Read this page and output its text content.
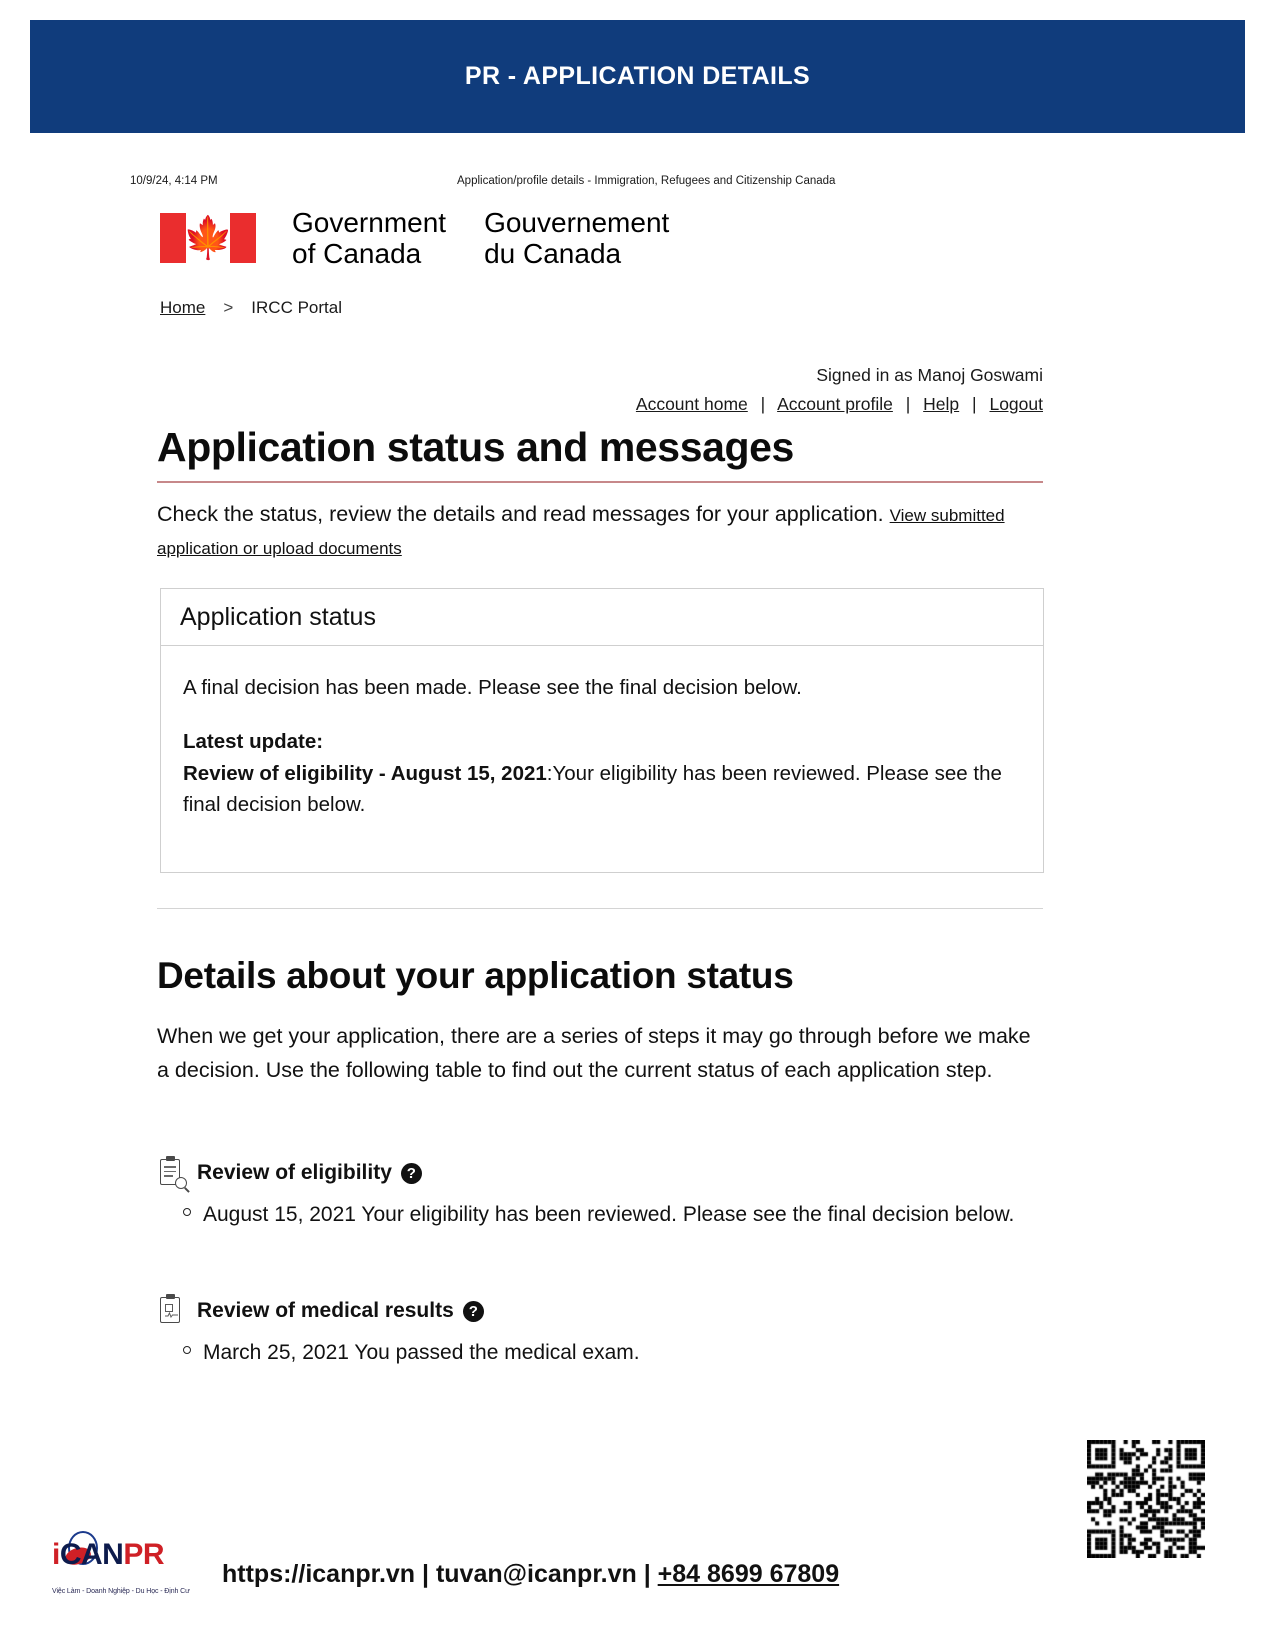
PR - APPLICATION DETAILS
10/9/24, 4:14 PM	Application/profile details - Immigration, Refugees and Citizenship Canada
🍁 Government
of Canada
Gouvernement
du Canada
Home > IRCC Portal
Signed in as Manoj Goswami
Account home | Account profile | Help | Logout
Application status and messages
Check the status, review the details and read messages for your application. View submitted application or upload documents
Application status

A final decision has been made. Please see the final decision below.

Latest update:
Review of eligibility - August 15, 2021:Your eligibility has been reviewed. Please see the final decision below.

Details about your application status
When we get your application, there are a series of steps it may go through before we make a decision. Use the following table to find out the current status of each application step.
Review of eligibility ?
August 15, 2021 Your eligibility has been reviewed. Please see the final decision below.
Review of medical results ?
March 25, 2021 You passed the medical exam.
iCANPR
Việc Làm - Doanh Nghiệp - Du Học - Định Cư
https://icanpr.vn | tuvan@icanpr.vn | +84 8699 67809
